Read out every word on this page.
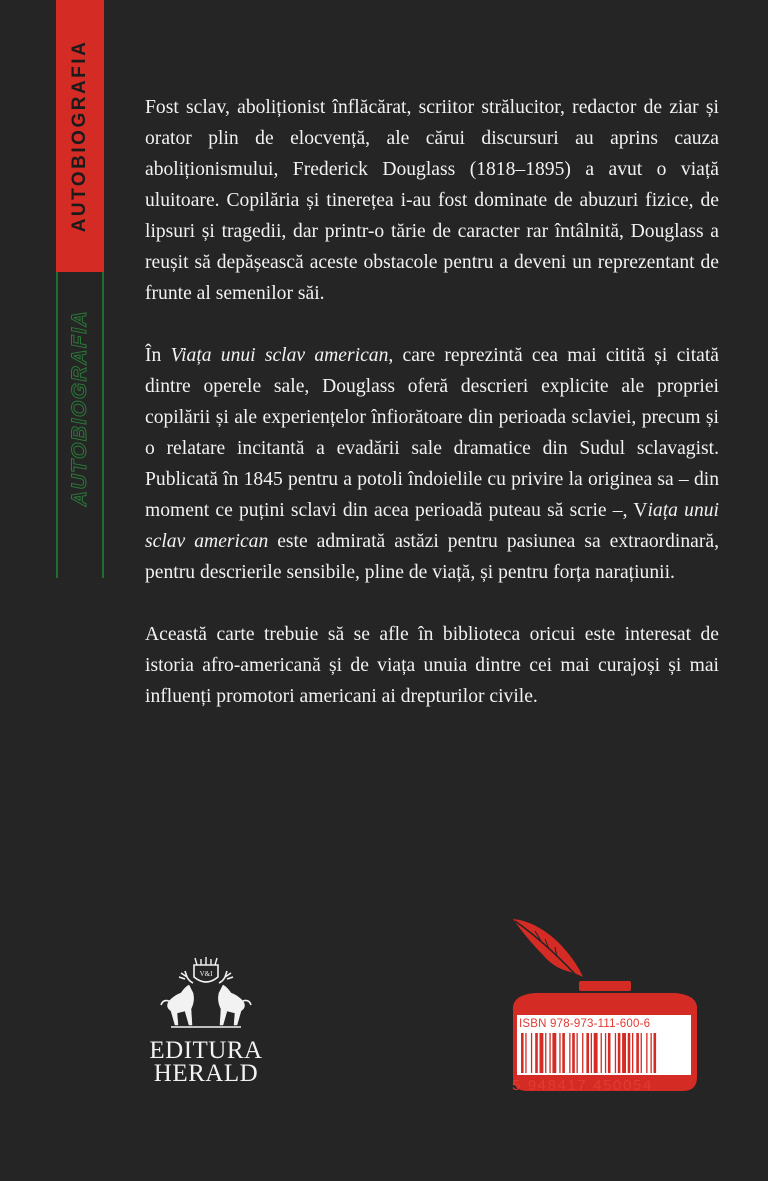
AUTOBIOGRAFIA
AUTOBIOGRAFIA

Fost sclav, aboliționist înflăcărat, scriitor strălucitor, redactor de ziar și orator plin de elocvență, ale cărui discursuri au aprins cauza aboliționismului, Frederick Douglass (1818–1895) a avut o viață uluitoare. Copilăria și tinerețea i-au fost dominate de abuzuri fizice, de lipsuri și tragedii, dar printr-o tărie de caracter rar întâlnită, Douglass a reușit să depășească aceste obstacole pentru a deveni un reprezentant de frunte al semenilor săi.

În Viața unui sclav american, care reprezintă cea mai citită și citată dintre operele sale, Douglass oferă descrieri explicite ale propriei copilării și ale experiențelor înfiorătoare din perioada sclaviei, precum și o relatare incitantă a evadării sale dramatice din Sudul sclavagist. Publicată în 1845 pentru a potoli îndoielile cu privire la originea sa – din moment ce puțini sclavi din acea perioadă puteau să scrie –, Viața unui sclav american este admirată astăzi pentru pasiunea sa extraordinară, pentru descrierile sensibile, pline de viață, și pentru forța narațiunii.

Această carte trebuie să se afle în biblioteca oricui este interesat de istoria afro-americană și de viața unuia dintre cei mai curajoși și mai influenți promotori americani ai drepturilor civile.

V&I
EDITURA
HERALD
ISBN 978-973-111-600-6
5 948417 450054
